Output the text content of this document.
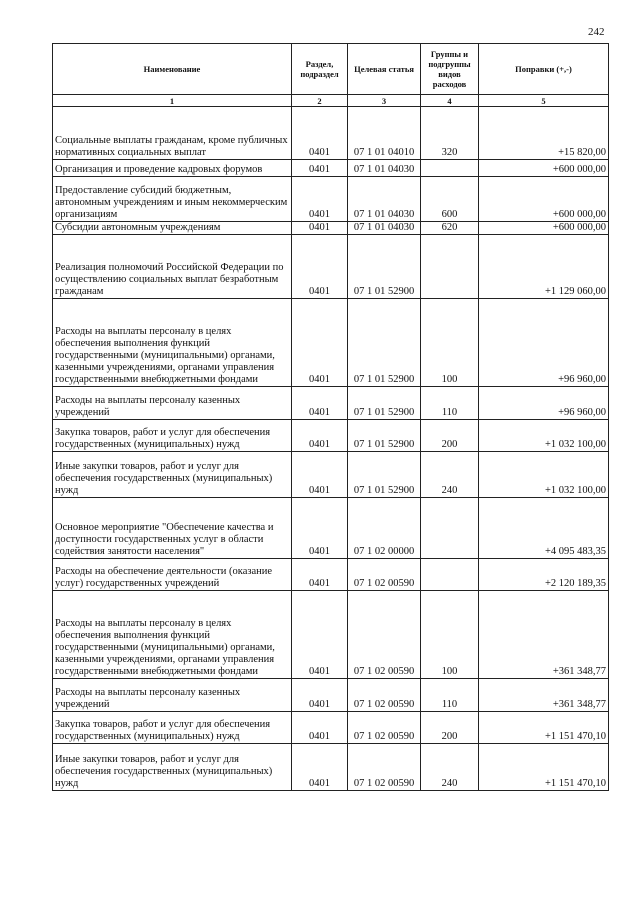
242
Наименование	Раздел, подраздел	Целевая статья	Группы и подгруппы видов расходов	Поправки (+,-)
1	2	3	4	5
Социальные выплаты гражданам, кроме публичных нормативных социальных выплат	0401	07 1 01 04010	320	+15 820,00
Организация и проведение кадровых форумов	0401	07 1 01 04030		+600 000,00
Предоставление субсидий бюджетным, автономным учреждениям и иным некоммерческим организациям	0401	07 1 01 04030	600	+600 000,00
Субсидии автономным учреждениям	0401	07 1 01 04030	620	+600 000,00
Реализация полномочий Российской Федерации по осуществлению социальных выплат безработным гражданам	0401	07 1 01 52900		+1 129 060,00
Расходы на выплаты персоналу в целях обеспечения выполнения функций государственными (муниципальными) органами, казенными учреждениями, органами управления государственными внебюджетными фондами	0401	07 1 01 52900	100	+96 960,00
Расходы на выплаты персоналу казенных учреждений	0401	07 1 01 52900	110	+96 960,00
Закупка товаров, работ и услуг для обеспечения государственных (муниципальных) нужд	0401	07 1 01 52900	200	+1 032 100,00
Иные закупки товаров, работ и услуг для обеспечения государственных (муниципальных) нужд	0401	07 1 01 52900	240	+1 032 100,00
Основное мероприятие "Обеспечение качества и доступности государственных услуг в области содействия занятости населения"	0401	07 1 02 00000		+4 095 483,35
Расходы на обеспечение деятельности (оказание услуг) государственных учреждений	0401	07 1 02 00590		+2 120 189,35
Расходы на выплаты персоналу в целях обеспечения выполнения функций государственными (муниципальными) органами, казенными учреждениями, органами управления государственными внебюджетными фондами	0401	07 1 02 00590	100	+361 348,77
Расходы на выплаты персоналу казенных учреждений	0401	07 1 02 00590	110	+361 348,77
Закупка товаров, работ и услуг для обеспечения государственных (муниципальных) нужд	0401	07 1 02 00590	200	+1 151 470,10
Иные закупки товаров, работ и услуг для обеспечения государственных (муниципальных) нужд	0401	07 1 02 00590	240	+1 151 470,10
